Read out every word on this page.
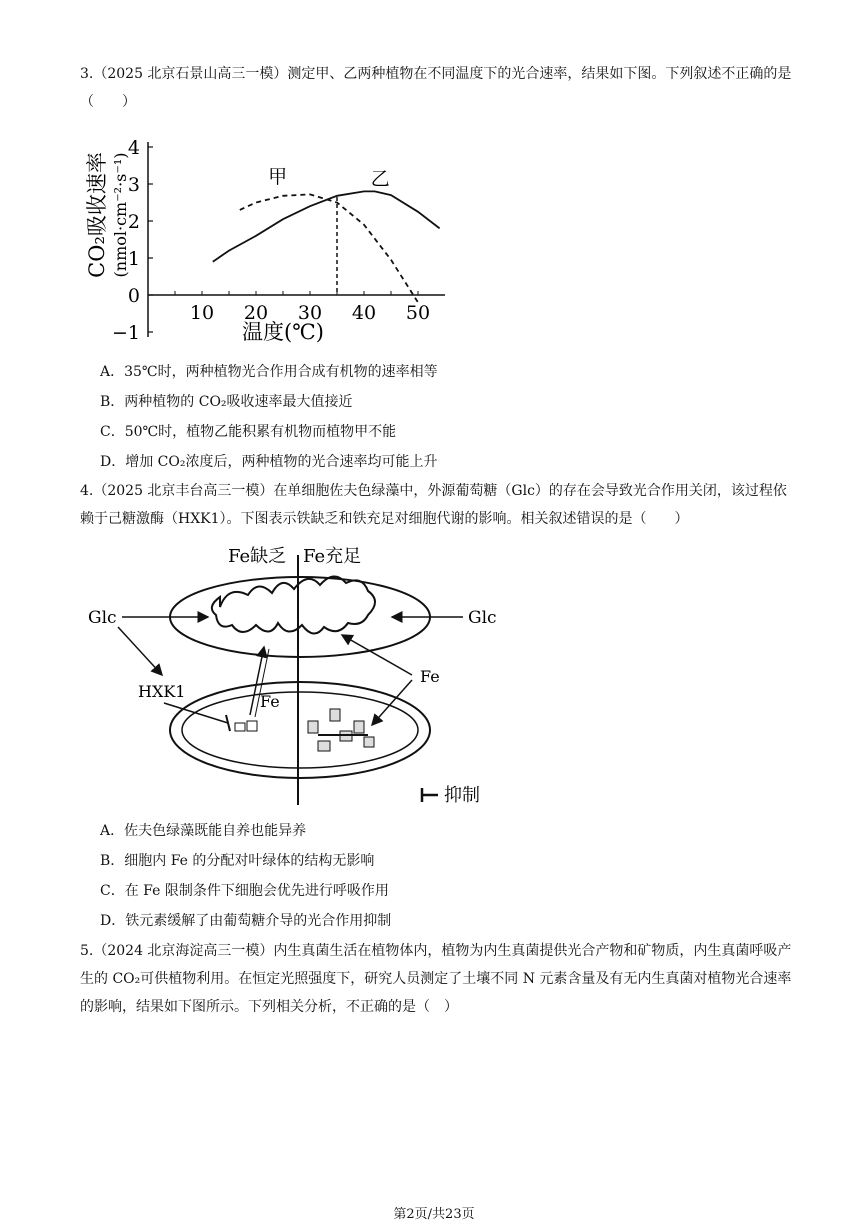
3.（2025 北京石景山高三一模）测定甲、乙两种植物在不同温度下的光合速率，结果如下图。下列叙述不正确的是（　　）
4
3
2
1
0
−1
10 20 30 40 50
温度(℃)
CO₂吸收速率 (nmol·cm⁻²·s⁻¹)	甲	乙
A．35℃时，两种植物光合作用合成有机物的速率相等
B．两种植物的 CO₂吸收速率最大值接近
C．50℃时，植物乙能积累有机物而植物甲不能
D．增加 CO₂浓度后，两种植物的光合速率均可能上升
4.（2025 北京丰台高三一模）在单细胞佐夫色绿藻中，外源葡萄糖（Glc）的存在会导致光合作用关闭，该过程依赖于己糖激酶（HXK1）。下图表示铁缺乏和铁充足对细胞代谢的影响。相关叙述错误的是（　　）
Fe缺乏 Fe充足
Glc	Glc
HXK1
Fe
Fe
抑制
A．佐夫色绿藻既能自养也能异养
B．细胞内 Fe 的分配对叶绿体的结构无影响
C．在 Fe 限制条件下细胞会优先进行呼吸作用
D．铁元素缓解了由葡萄糖介导的光合作用抑制
5.（2024 北京海淀高三一模）内生真菌生活在植物体内，植物为内生真菌提供光合产物和矿物质，内生真菌呼吸产生的 CO₂可供植物利用。在恒定光照强度下，研究人员测定了土壤不同 N 元素含量及有无内生真菌对植物光合速率的影响，结果如下图所示。下列相关分析，不正确的是（　）
第2页/共23页
